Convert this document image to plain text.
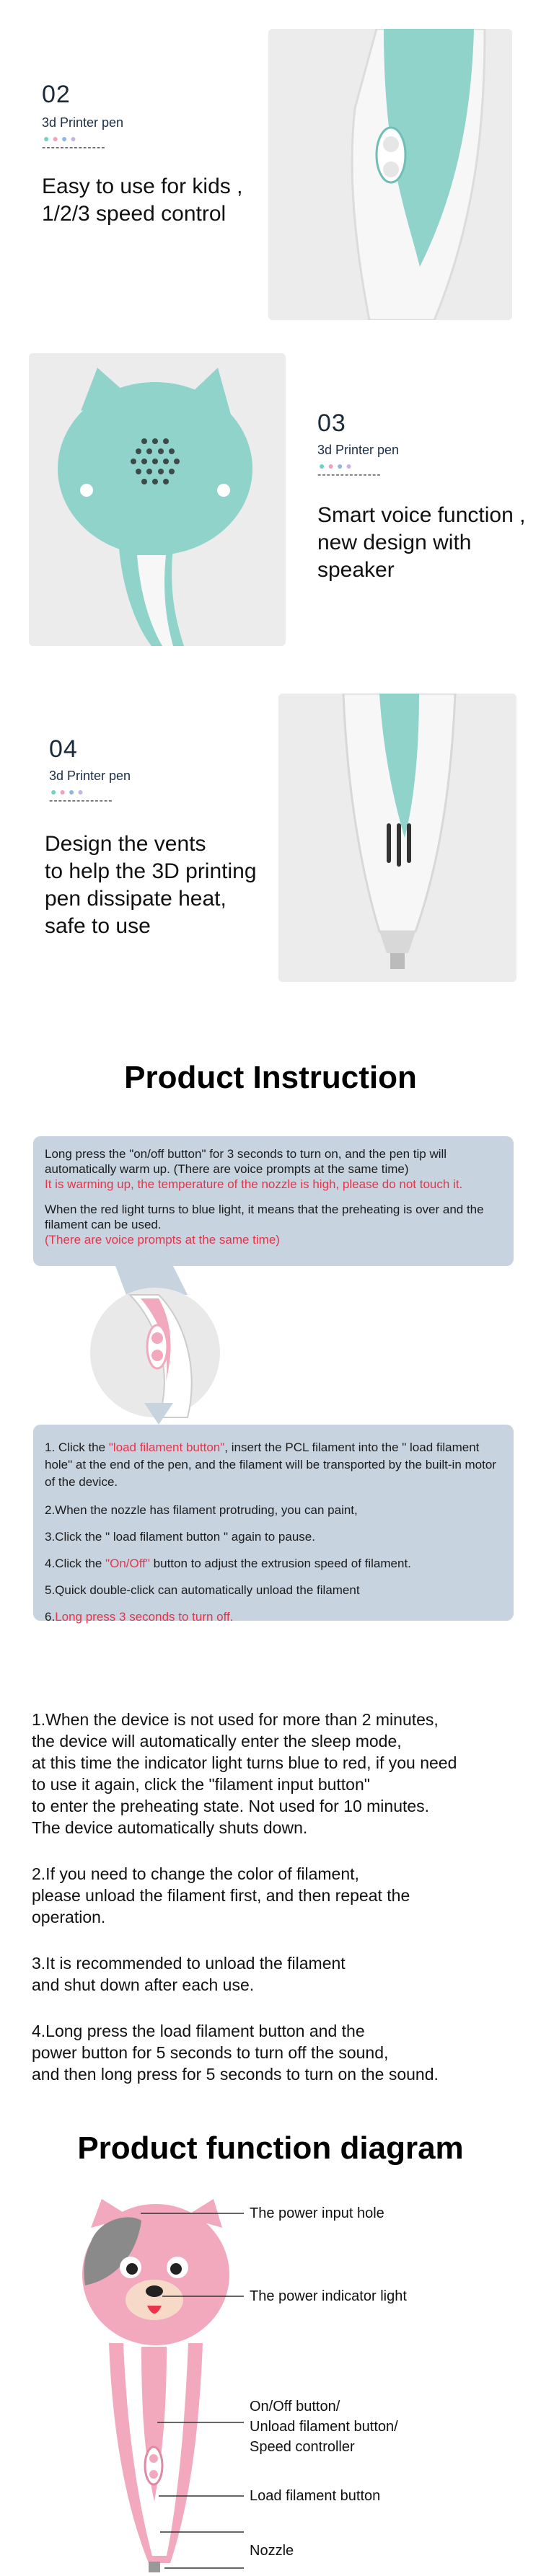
02
3d Printer pen
●●●●
--------------
Easy to use for kids ,
1/2/3 speed control
03
3d Printer pen
●●●●
--------------
Smart voice function ,
new design with
speaker
04
3d Printer pen
●●●●
--------------
Design the vents
to help the 3D printing
pen dissipate heat,
safe to use
Product Instruction

Long press the "on/off button" for 3 seconds to turn on, and the pen tip will automatically warm up. (There are voice prompts at the same time)

It is warming up, the temperature of the nozzle is high, please do not touch it.

When the red light turns to blue light, it means that the preheating is over and the filament can be used.

(There are voice prompts at the same time)

1. Click the "load filament button", insert the PCL filament into the " load filament hole" at the end of the pen, and the filament will be transported by the built-in motor of the device.

2.When the nozzle has filament protruding, you can paint,

3.Click the " load filament button " again to pause.

4.Click the "On/Off" button to adjust the extrusion speed of filament.

5.Quick double-click can automatically unload the filament

6.Long press 3 seconds to turn off.

1.When the device is not used for more than 2 minutes,
the device will automatically enter the sleep mode,
at this time the indicator light turns blue to red, if you need
to use it again, click the "filament input button"
to enter the preheating state. Not used for 10 minutes.
The device automatically shuts down.

2.If you need to change the color of filament,
please unload the filament first, and then repeat the
operation.

3.It is recommended to unload the filament
and shut down after each use.

4.Long press the load filament button and the
power button for 5 seconds to turn off the sound,
and then long press for 5 seconds to turn on the sound.

Product function diagram
The power input hole
The power indicator light
On/Off button/
Unload filament button/
Speed controller
Load filament button
Nozzle
